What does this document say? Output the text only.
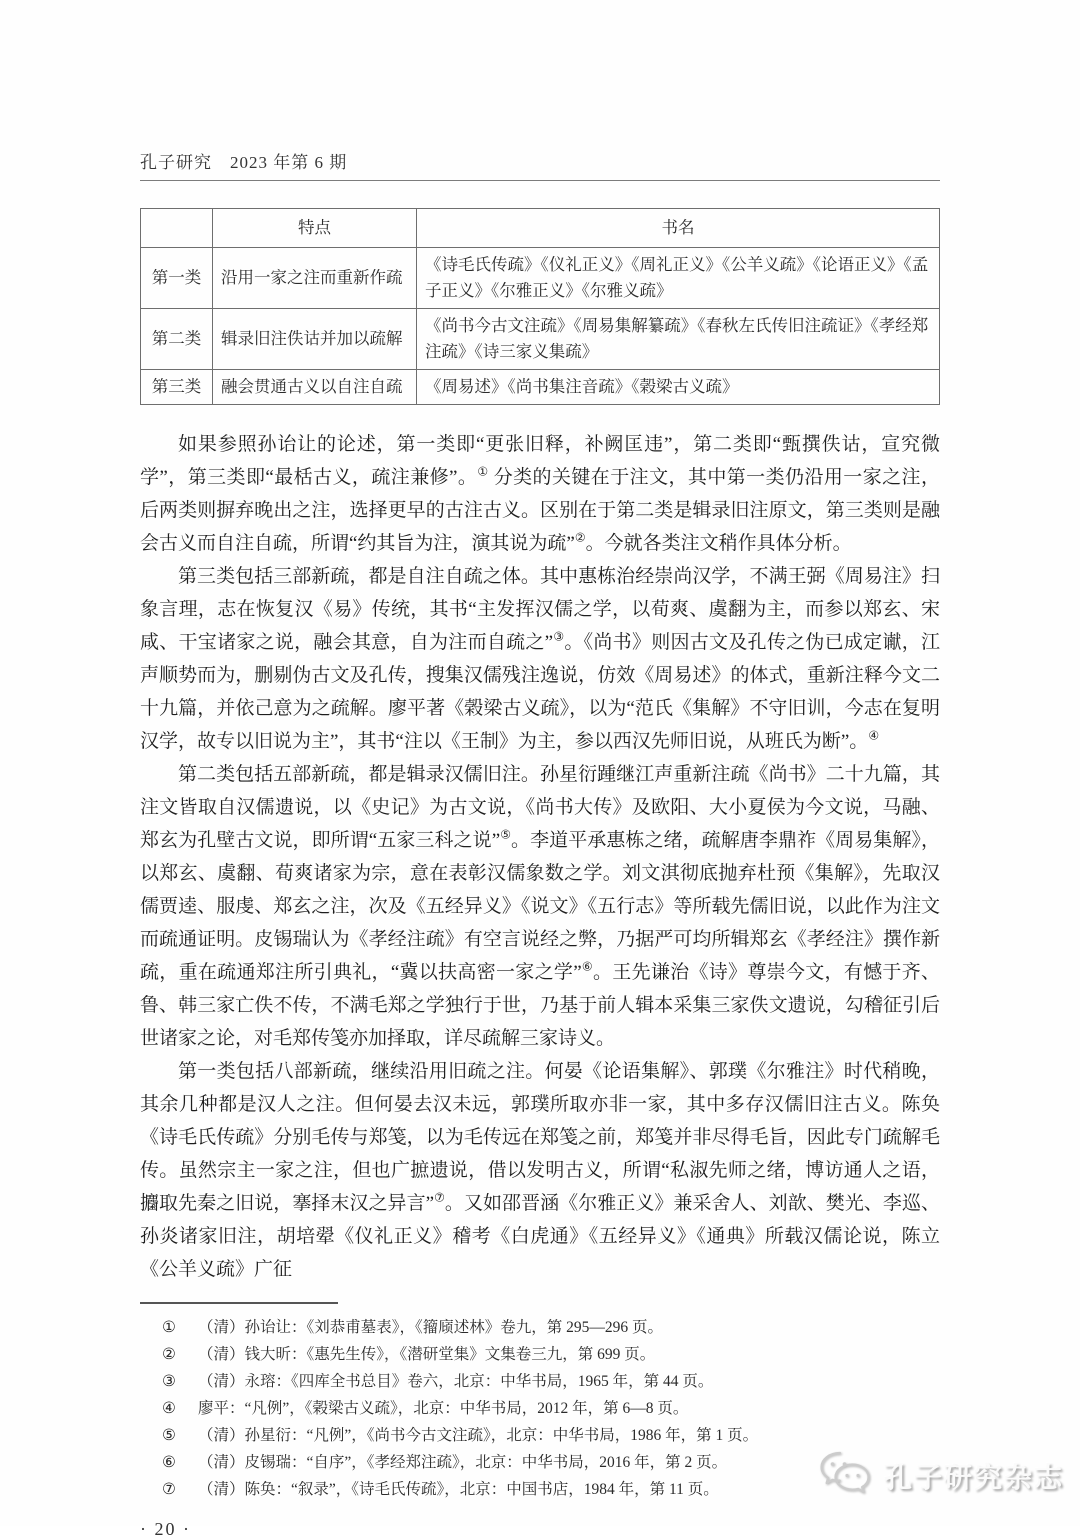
孔子研究　2023 年第 6 期
	特点	书名
第一类	沿用一家之注而重新作疏	《诗毛氏传疏》《仪礼正义》《周礼正义》《公羊义疏》《论语正义》《孟子正义》《尔雅正义》《尔雅义疏》
第二类	辑录旧注佚诂并加以疏解	《尚书今古文注疏》《周易集解纂疏》《春秋左氏传旧注疏证》《孝经郑注疏》《诗三家义集疏》
第三类	融会贯通古义以自注自疏	《周易述》《尚书集注音疏》《榖梁古义疏》

如果参照孙诒让的论述，第一类即“更张旧释，补阙匡违”，第二类即“甄撰佚诂，宣究微学”，第三类即“最栝古义，疏注兼修”。① 分类的关键在于注文，其中第一类仍沿用一家之注，后两类则摒弃晚出之注，选择更早的古注古义。区别在于第二类是辑录旧注原文，第三类则是融会古义而自注自疏，所谓“约其旨为注，演其说为疏”②。今就各类注文稍作具体分析。

第三类包括三部新疏，都是自注自疏之体。其中惠栋治经崇尚汉学，不满王弼《周易注》扫象言理，志在恢复汉《易》传统，其书“主发挥汉儒之学，以荀爽、虞翻为主，而参以郑玄、宋咸、干宝诸家之说，融会其意，自为注而自疏之”③。《尚书》则因古文及孔传之伪已成定谳，江声顺势而为，删剔伪古文及孔传，搜集汉儒残注逸说，仿效《周易述》的体式，重新注释今文二十九篇，并依己意为之疏解。廖平著《榖梁古义疏》，以为“范氏《集解》不守旧训，今志在复明汉学，故专以旧说为主”，其书“注以《王制》为主，参以西汉先师旧说，从班氏为断”。④

第二类包括五部新疏，都是辑录汉儒旧注。孙星衍踵继江声重新注疏《尚书》二十九篇，其注文皆取自汉儒遗说，以《史记》为古文说，《尚书大传》及欧阳、大小夏侯为今文说，马融、郑玄为孔壁古文说，即所谓“五家三科之说”⑤。李道平承惠栋之绪，疏解唐李鼎祚《周易集解》，以郑玄、虞翻、荀爽诸家为宗，意在表彰汉儒象数之学。刘文淇彻底抛弃杜预《集解》，先取汉儒贾逵、服虔、郑玄之注，次及《五经异义》《说文》《五行志》等所载先儒旧说，以此作为注文而疏通证明。皮锡瑞认为《孝经注疏》有空言说经之弊，乃据严可均所辑郑玄《孝经注》撰作新疏，重在疏通郑注所引典礼，“冀以扶高密一家之学”⑥。王先谦治《诗》尊崇今文，有憾于齐、鲁、韩三家亡佚不传，不满毛郑之学独行于世，乃基于前人辑本采集三家佚文遗说，勾稽征引后世诸家之论，对毛郑传笺亦加择取，详尽疏解三家诗义。

第一类包括八部新疏，继续沿用旧疏之注。何晏《论语集解》、郭璞《尔雅注》时代稍晚，其余几种都是汉人之注。但何晏去汉未远，郭璞所取亦非一家，其中多存汉儒旧注古义。陈奂《诗毛氏传疏》分别毛传与郑笺，以为毛传远在郑笺之前，郑笺并非尽得毛旨，因此专门疏解毛传。虽然宗主一家之注，但也广摭遗说，借以发明古义，所谓“私淑先师之绪，博访通人之语，攟取先秦之旧说，搴择末汉之异言”⑦。又如邵晋涵《尔雅正义》兼采舍人、刘歆、樊光、李巡、孙炎诸家旧注，胡培翚《仪礼正义》稽考《白虎通》《五经异义》《通典》所载汉儒论说，陈立《公羊义疏》广征

①	（清）孙诒让：《刘恭甫墓表》，《籀庼述林》卷九，第 295—296 页。
②	（清）钱大昕：《惠先生传》，《潜研堂集》文集卷三九，第 699 页。
③	（清）永瑢：《四库全书总目》卷六，北京：中华书局，1965 年，第 44 页。
④	廖平：“凡例”，《榖梁古义疏》，北京：中华书局，2012 年，第 6—8 页。
⑤	（清）孙星衍：“凡例”，《尚书今古文注疏》，北京：中华书局，1986 年，第 1 页。
⑥	（清）皮锡瑞：“自序”，《孝经郑注疏》，北京：中华书局，2016 年，第 2 页。
⑦	（清）陈奂：“叙录”，《诗毛氏传疏》，北京：中国书店，1984 年，第 11 页。
· 20 ·
孔子研究杂志
